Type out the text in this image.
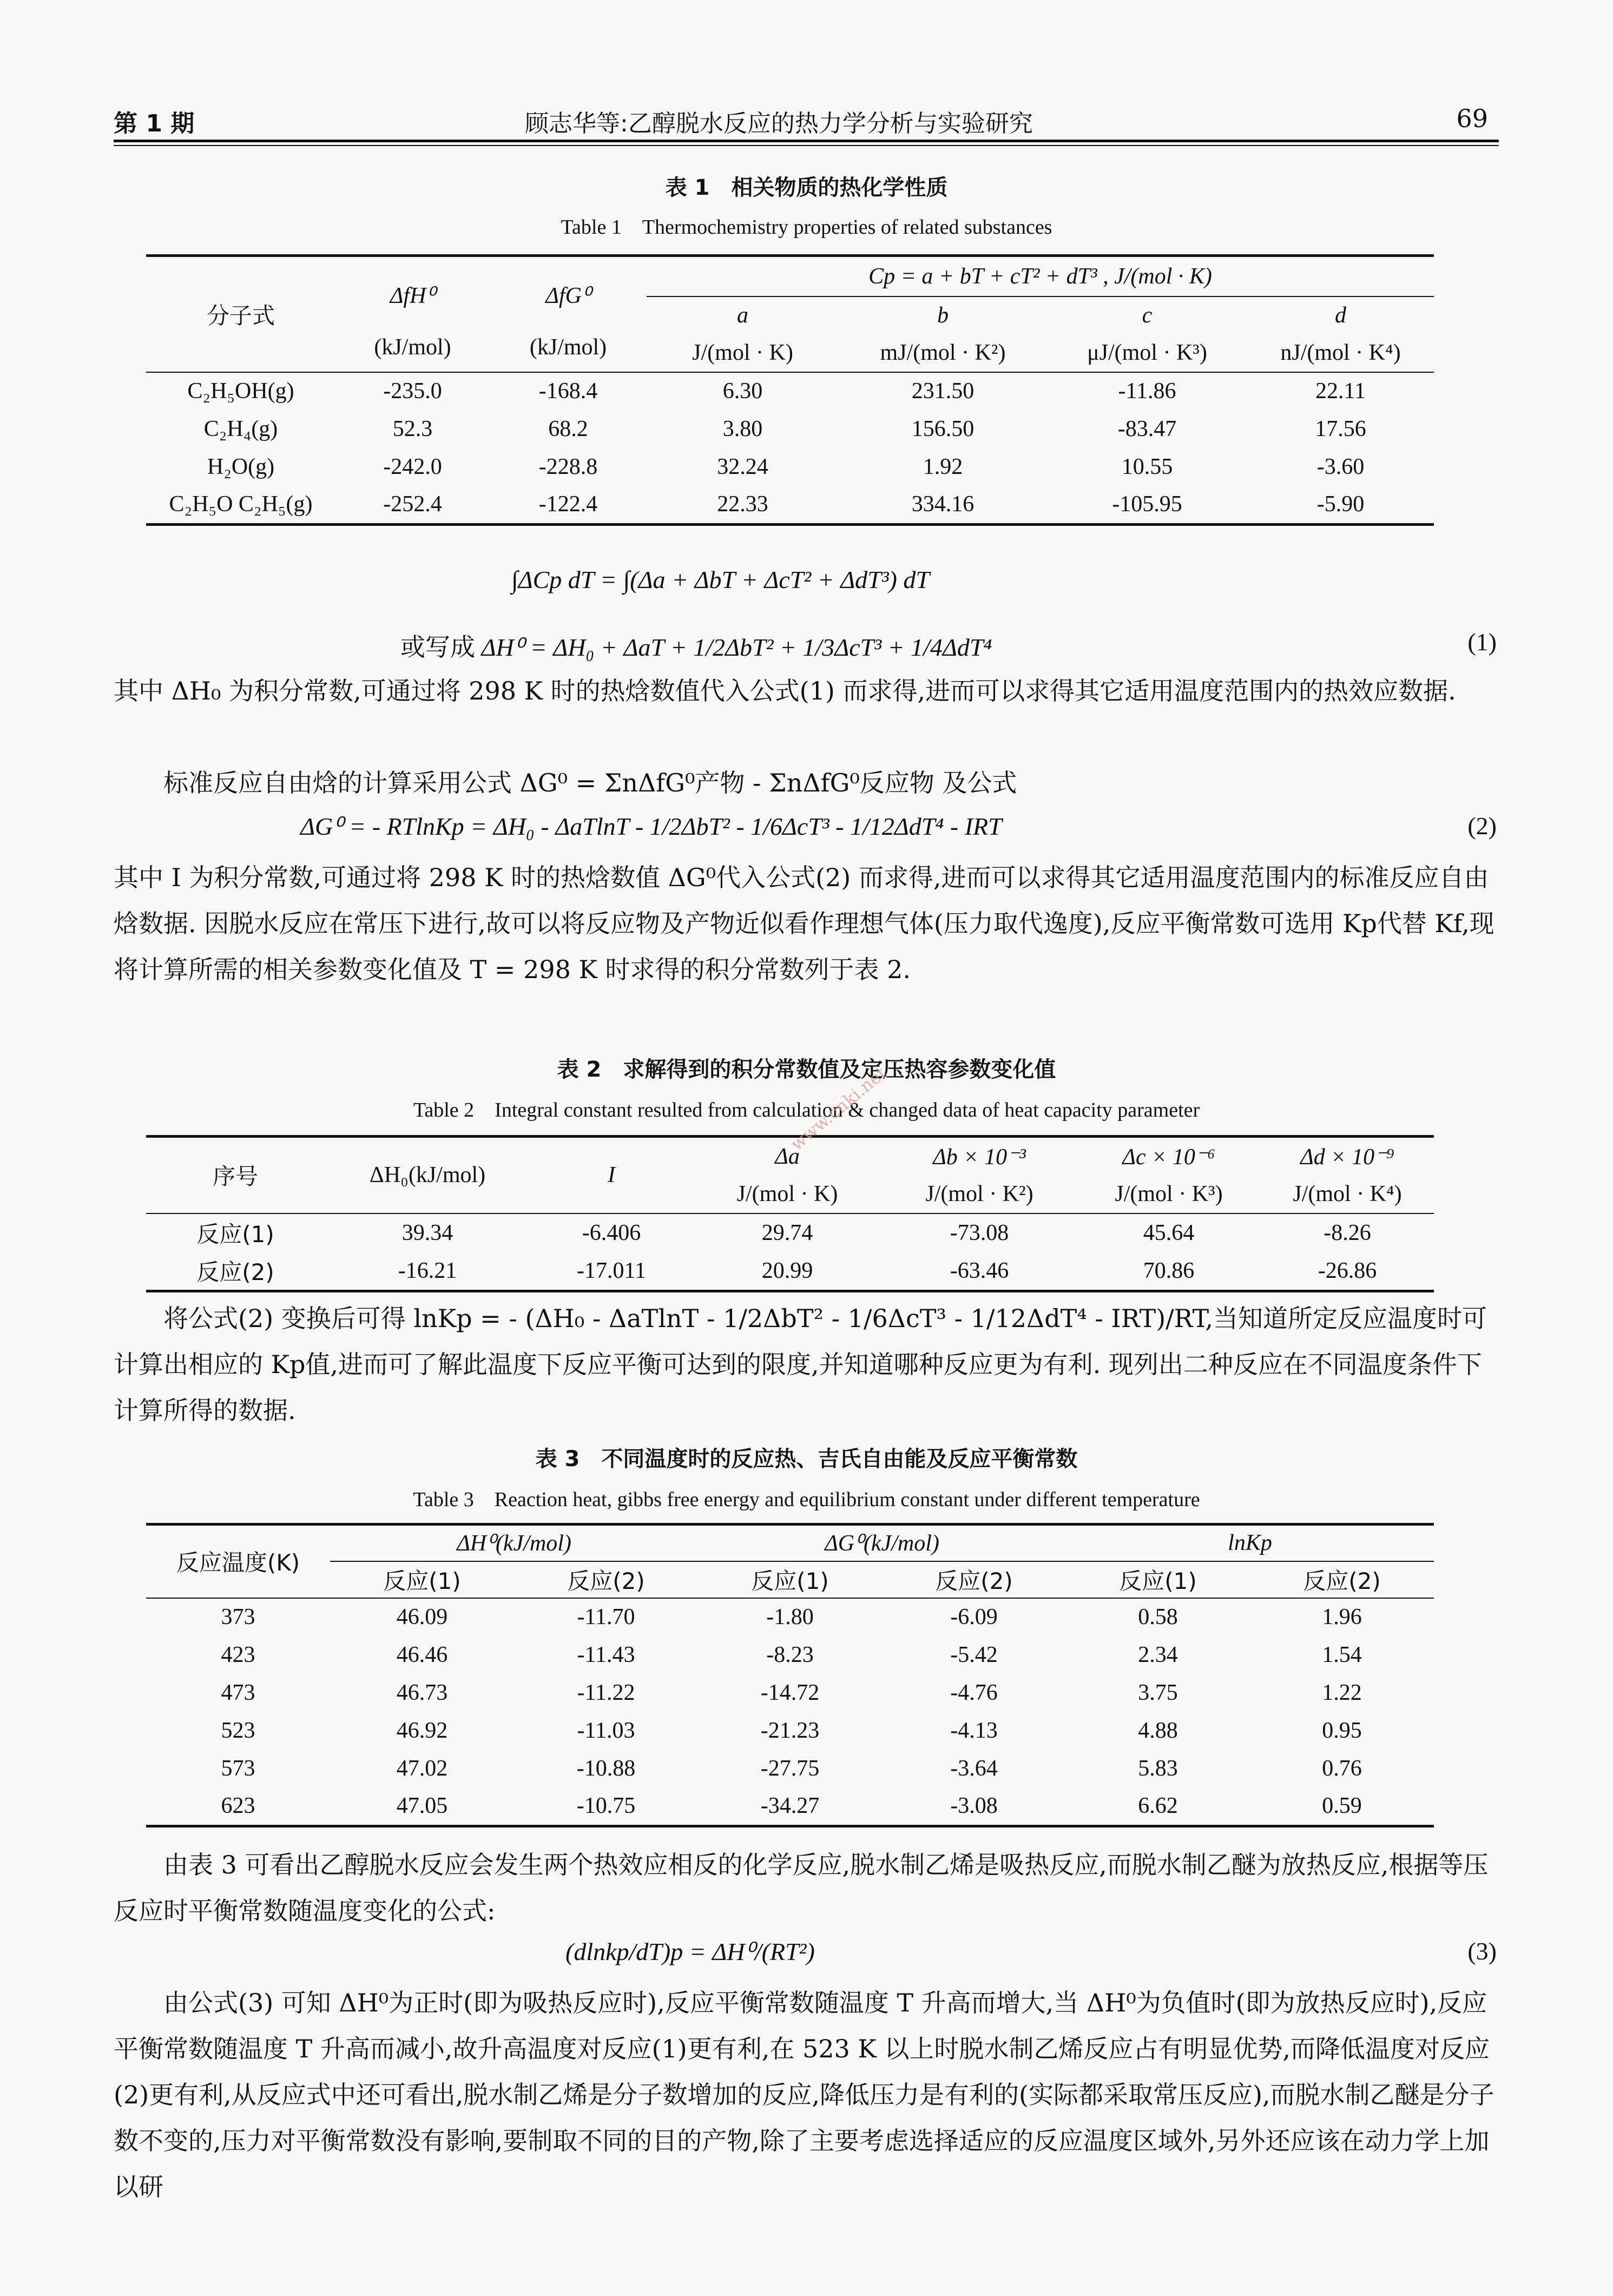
第 1 期	顾志华等:乙醇脱水反应的热力学分析与实验研究	69
表 1　相关物质的热化学性质
Table 1　Thermochemistry properties of related substances
分子式	ΔfH⁰	ΔfG⁰	Cp = a + bT + cT² + dT³ , J/(mol · K)			
			a	b	c	d
	(kJ/mol)	(kJ/mol)	J/(mol · K)	mJ/(mol · K²)	μJ/(mol · K³)	nJ/(mol · K⁴)
C₂H₅OH(g)	-235.0	-168.4	6.30	231.50	-11.86	22.11
C₂H₄(g)	52.3	68.2	3.80	156.50	-83.47	17.56
H₂O(g)	-242.0	-228.8	32.24	1.92	10.55	-3.60
C₂H₅O C₂H₅(g)	-252.4	-122.4	22.33	334.16	-105.95	-5.90
∫ΔCp dT = ∫(Δa + ΔbT + ΔcT² + ΔdT³) dT
或写成 ΔH⁰ = ΔH₀ + ΔaT + 1/2ΔbT² + 1/3ΔcT³ + 1/4ΔdT⁴	(1)
其中 ΔH₀ 为积分常数,可通过将 298 K 时的热焓数值代入公式(1) 而求得,进而可以求得其它适用温度范围内的热效应数据.
标准反应自由焓的计算采用公式 ΔG⁰ = ΣnΔfG⁰产物 - ΣnΔfG⁰反应物 及公式
ΔG⁰ = - RTlnKp = ΔH₀ - ΔaTlnT - 1/2ΔbT² - 1/6ΔcT³ - 1/12ΔdT⁴ - IRT	(2)
其中 I 为积分常数,可通过将 298 K 时的热焓数值 ΔG⁰代入公式(2) 而求得,进而可以求得其它适用温度范围内的标准反应自由焓数据. 因脱水反应在常压下进行,故可以将反应物及产物近似看作理想气体(压力取代逸度),反应平衡常数可选用 Kp代替 Kf,现将计算所需的相关参数变化值及 T = 298 K 时求得的积分常数列于表 2.
表 2　求解得到的积分常数值及定压热容参数变化值
Table 2　Integral constant resulted from calculation & changed data of heat capacity parameter
序号	ΔH₀(kJ/mol)	I	Δa	Δb × 10⁻³	Δc × 10⁻⁶	Δd × 10⁻⁹
			J/(mol · K)	J/(mol · K²)	J/(mol · K³)	J/(mol · K⁴)
反应(1)	39.34	-6.406	29.74	-73.08	45.64	-8.26
反应(2)	-16.21	-17.011	20.99	-63.46	70.86	-26.86
www.cnki.net
将公式(2) 变换后可得 lnKp = - (ΔH₀ - ΔaTlnT - 1/2ΔbT² - 1/6ΔcT³ - 1/12ΔdT⁴ - IRT)/RT,当知道所定反应温度时可计算出相应的 Kp值,进而可了解此温度下反应平衡可达到的限度,并知道哪种反应更为有利. 现列出二种反应在不同温度条件下计算所得的数据.
表 3　不同温度时的反应热、吉氏自由能及反应平衡常数
Table 3　Reaction heat, gibbs free energy and equilibrium constant under different temperature
反应温度(K)	ΔH⁰(kJ/mol)		ΔG⁰(kJ/mol)		lnKp	
	反应(1)	反应(2)	反应(1)	反应(2)	反应(1)	反应(2)
373	46.09	-11.70	-1.80	-6.09	0.58	1.96
423	46.46	-11.43	-8.23	-5.42	2.34	1.54
473	46.73	-11.22	-14.72	-4.76	3.75	1.22
523	46.92	-11.03	-21.23	-4.13	4.88	0.95
573	47.02	-10.88	-27.75	-3.64	5.83	0.76
623	47.05	-10.75	-34.27	-3.08	6.62	0.59
由表 3 可看出乙醇脱水反应会发生两个热效应相反的化学反应,脱水制乙烯是吸热反应,而脱水制乙醚为放热反应,根据等压反应时平衡常数随温度变化的公式:
(dlnkp/dT)p = ΔH⁰/(RT²)	(3)
由公式(3) 可知 ΔH⁰为正时(即为吸热反应时),反应平衡常数随温度 T 升高而增大,当 ΔH⁰为负值时(即为放热反应时),反应平衡常数随温度 T 升高而减小,故升高温度对反应(1)更有利,在 523 K 以上时脱水制乙烯反应占有明显优势,而降低温度对反应(2)更有利,从反应式中还可看出,脱水制乙烯是分子数增加的反应,降低压力是有利的(实际都采取常压反应),而脱水制乙醚是分子数不变的,压力对平衡常数没有影响,要制取不同的目的产物,除了主要考虑选择适应的反应温度区域外,另外还应该在动力学上加以研
